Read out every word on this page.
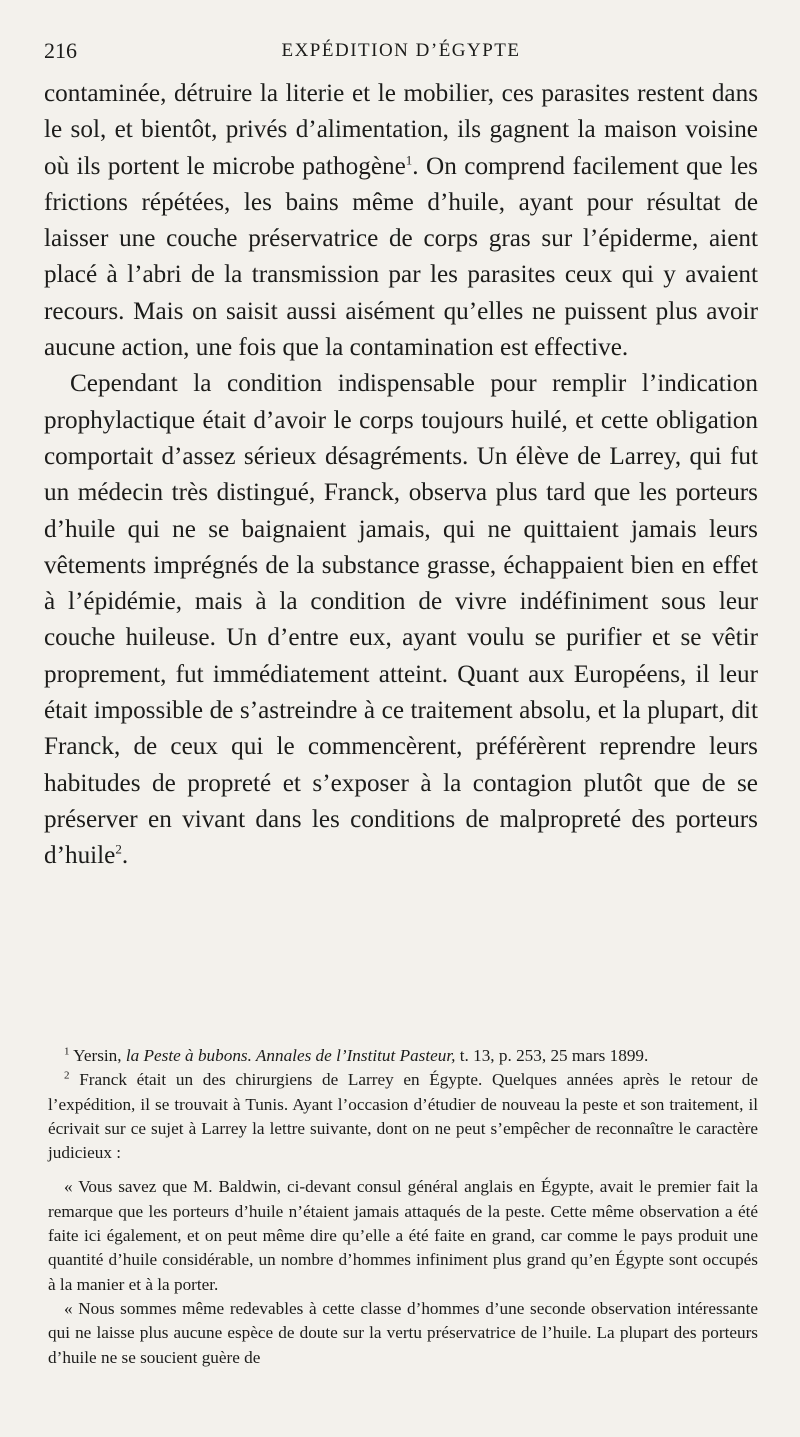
216	EXPÉDITION D’ÉGYPTE

contaminée, détruire la literie et le mobilier, ces parasites restent dans le sol, et bientôt, privés d’alimentation, ils gagnent la maison voisine où ils portent le microbe pathogène$^1$. On comprend facilement que les frictions répétées, les bains même d’huile, ayant pour résultat de laisser une couche préservatrice de corps gras sur l’épiderme, aient placé à l’abri de la transmission par les parasites ceux qui y avaient recours. Mais on saisit aussi aisément qu’elles ne puissent plus avoir aucune action, une fois que la contamination est effective.

Cependant la condition indispensable pour remplir l’indication prophylactique était d’avoir le corps toujours huilé, et cette obligation comportait d’assez sérieux désagréments. Un élève de Larrey, qui fut un médecin très distingué, Franck, observa plus tard que les porteurs d’huile qui ne se baignaient jamais, qui ne quittaient jamais leurs vêtements imprégnés de la substance grasse, échappaient bien en effet à l’épidémie, mais à la condition de vivre indéfiniment sous leur couche huileuse. Un d’entre eux, ayant voulu se purifier et se vêtir proprement, fut immédiatement atteint. Quant aux Européens, il leur était impossible de s’astreindre à ce traitement absolu, et la plupart, dit Franck, de ceux qui le commencèrent, préférèrent reprendre leurs habitudes de propreté et s’exposer à la contagion plutôt que de se préserver en vivant dans les conditions de malpropreté des porteurs d’huile$^2$.

$^1$ Yersin, la Peste à bubons. Annales de l’Institut Pasteur, t. 13, p. 253, 25 mars 1899.

$^2$ Franck était un des chirurgiens de Larrey en Égypte. Quelques années après le retour de l’expédition, il se trouvait à Tunis. Ayant l’occasion d’étudier de nouveau la peste et son traitement, il écrivait sur ce sujet à Larrey la lettre suivante, dont on ne peut s’empêcher de reconnaître le caractère judicieux :

« Vous savez que M. Baldwin, ci-devant consul général anglais en Égypte, avait le premier fait la remarque que les porteurs d’huile n’étaient jamais attaqués de la peste. Cette même observation a été faite ici également, et on peut même dire qu’elle a été faite en grand, car comme le pays produit une quantité d’huile considérable, un nombre d’hommes infiniment plus grand qu’en Égypte sont occupés à la manier et à la porter.

« Nous sommes même redevables à cette classe d’hommes d’une seconde observation intéressante qui ne laisse plus aucune espèce de doute sur la vertu préservatrice de l’huile. La plupart des porteurs d’huile ne se soucient guère de
